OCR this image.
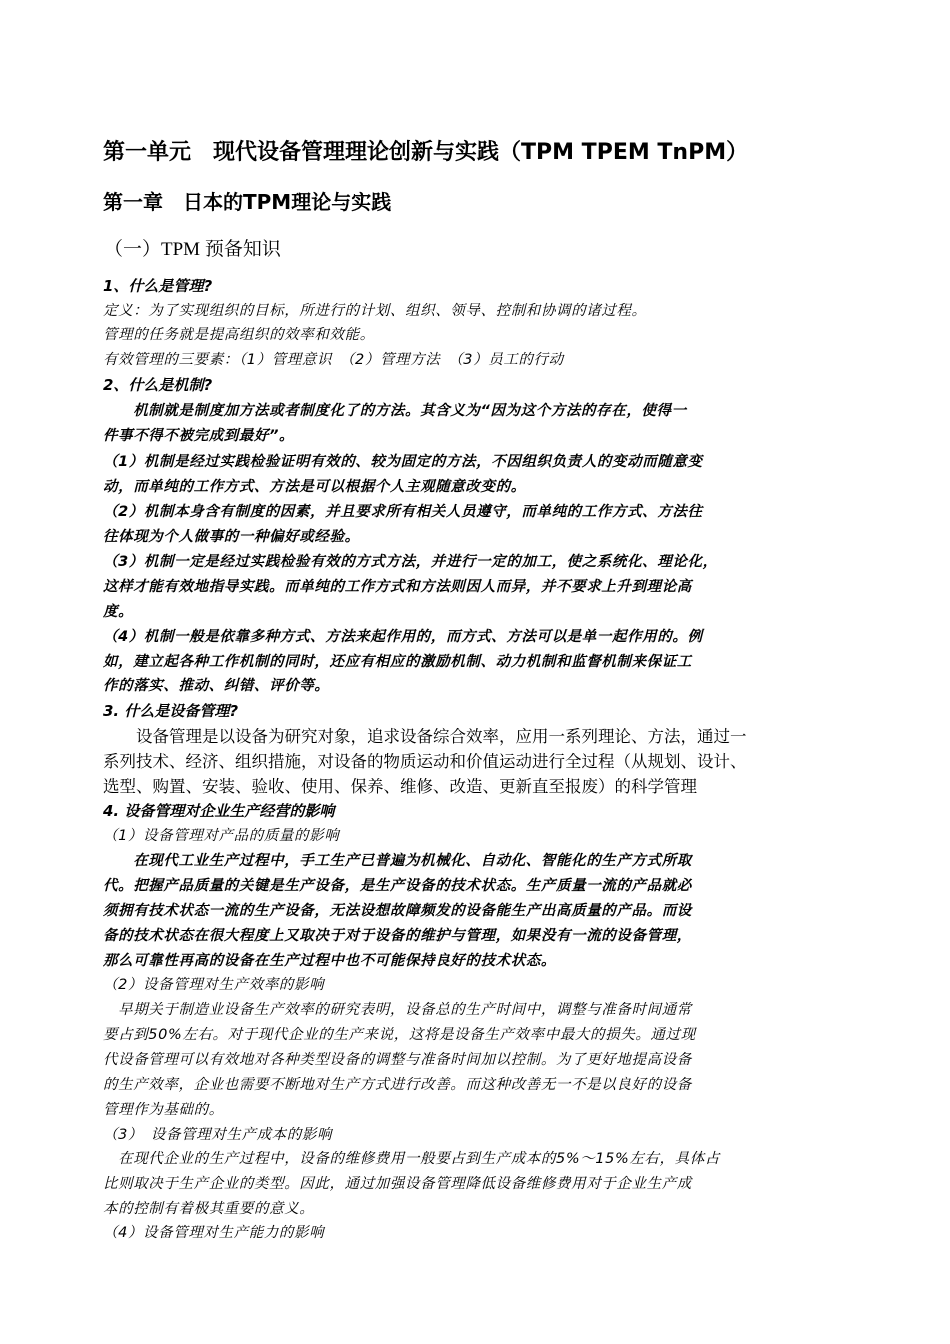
第一单元　现代设备管理理论创新与实践（TPM TPEM TnPM）
第一章　日本的TPM理论与实践
（一）TPM 预备知识
1、什么是管理?
定义：为了实现组织的目标，所进行的计划、组织、领导、控制和协调的诸过程。
管理的任务就是提高组织的效率和效能。
有效管理的三要素：（1）管理意识　（2）管理方法　（3）员工的行动
2、什么是机制?
　　机制就是制度加方法或者制度化了的方法。其含义为“因为这个方法的存在，使得一
件事不得不被完成到最好”。
（1）机制是经过实践检验证明有效的、较为固定的方法，不因组织负责人的变动而随意变
动，而单纯的工作方式、方法是可以根据个人主观随意改变的。
（2）机制本身含有制度的因素，并且要求所有相关人员遵守，而单纯的工作方式、方法往
往体现为个人做事的一种偏好或经验。
（3）机制一定是经过实践检验有效的方式方法，并进行一定的加工，使之系统化、理论化，
这样才能有效地指导实践。而单纯的工作方式和方法则因人而异，并不要求上升到理论高
度。
（4）机制一般是依靠多种方式、方法来起作用的，而方式、方法可以是单一起作用的。例
如，建立起各种工作机制的同时，还应有相应的激励机制、动力机制和监督机制来保证工
作的落实、推动、纠错、评价等。
3. 什么是设备管理?
　　设备管理是以设备为研究对象，追求设备综合效率，应用一系列理论、方法，通过一
系列技术、经济、组织措施，对设备的物质运动和价值运动进行全过程（从规划、设计、
选型、购置、安装、验收、使用、保养、维修、改造、更新直至报废）的科学管理
4. 设备管理对企业生产经营的影响
（1）设备管理对产品的质量的影响
　　在现代工业生产过程中，手工生产已普遍为机械化、自动化、智能化的生产方式所取
代。把握产品质量的关键是生产设备，是生产设备的技术状态。生产质量一流的产品就必
须拥有技术状态一流的生产设备，无法设想故障频发的设备能生产出高质量的产品。而设
备的技术状态在很大程度上又取决于对于设备的维护与管理，如果没有一流的设备管理，
那么可靠性再高的设备在生产过程中也不可能保持良好的技术状态。
（2）设备管理对生产效率的影响
　早期关于制造业设备生产效率的研究表明，设备总的生产时间中，调整与准备时间通常
要占到50%左右。对于现代企业的生产来说，这将是设备生产效率中最大的损失。通过现
代设备管理可以有效地对各种类型设备的调整与准备时间加以控制。为了更好地提高设备
的生产效率，企业也需要不断地对生产方式进行改善。而这种改善无一不是以良好的设备
管理作为基础的。
（3）　设备管理对生产成本的影响
　在现代企业的生产过程中，设备的维修费用一般要占到生产成本的5%～15%左右，具体占
比则取决于生产企业的类型。因此，通过加强设备管理降低设备维修费用对于企业生产成
本的控制有着极其重要的意义。
（4）设备管理对生产能力的影响
